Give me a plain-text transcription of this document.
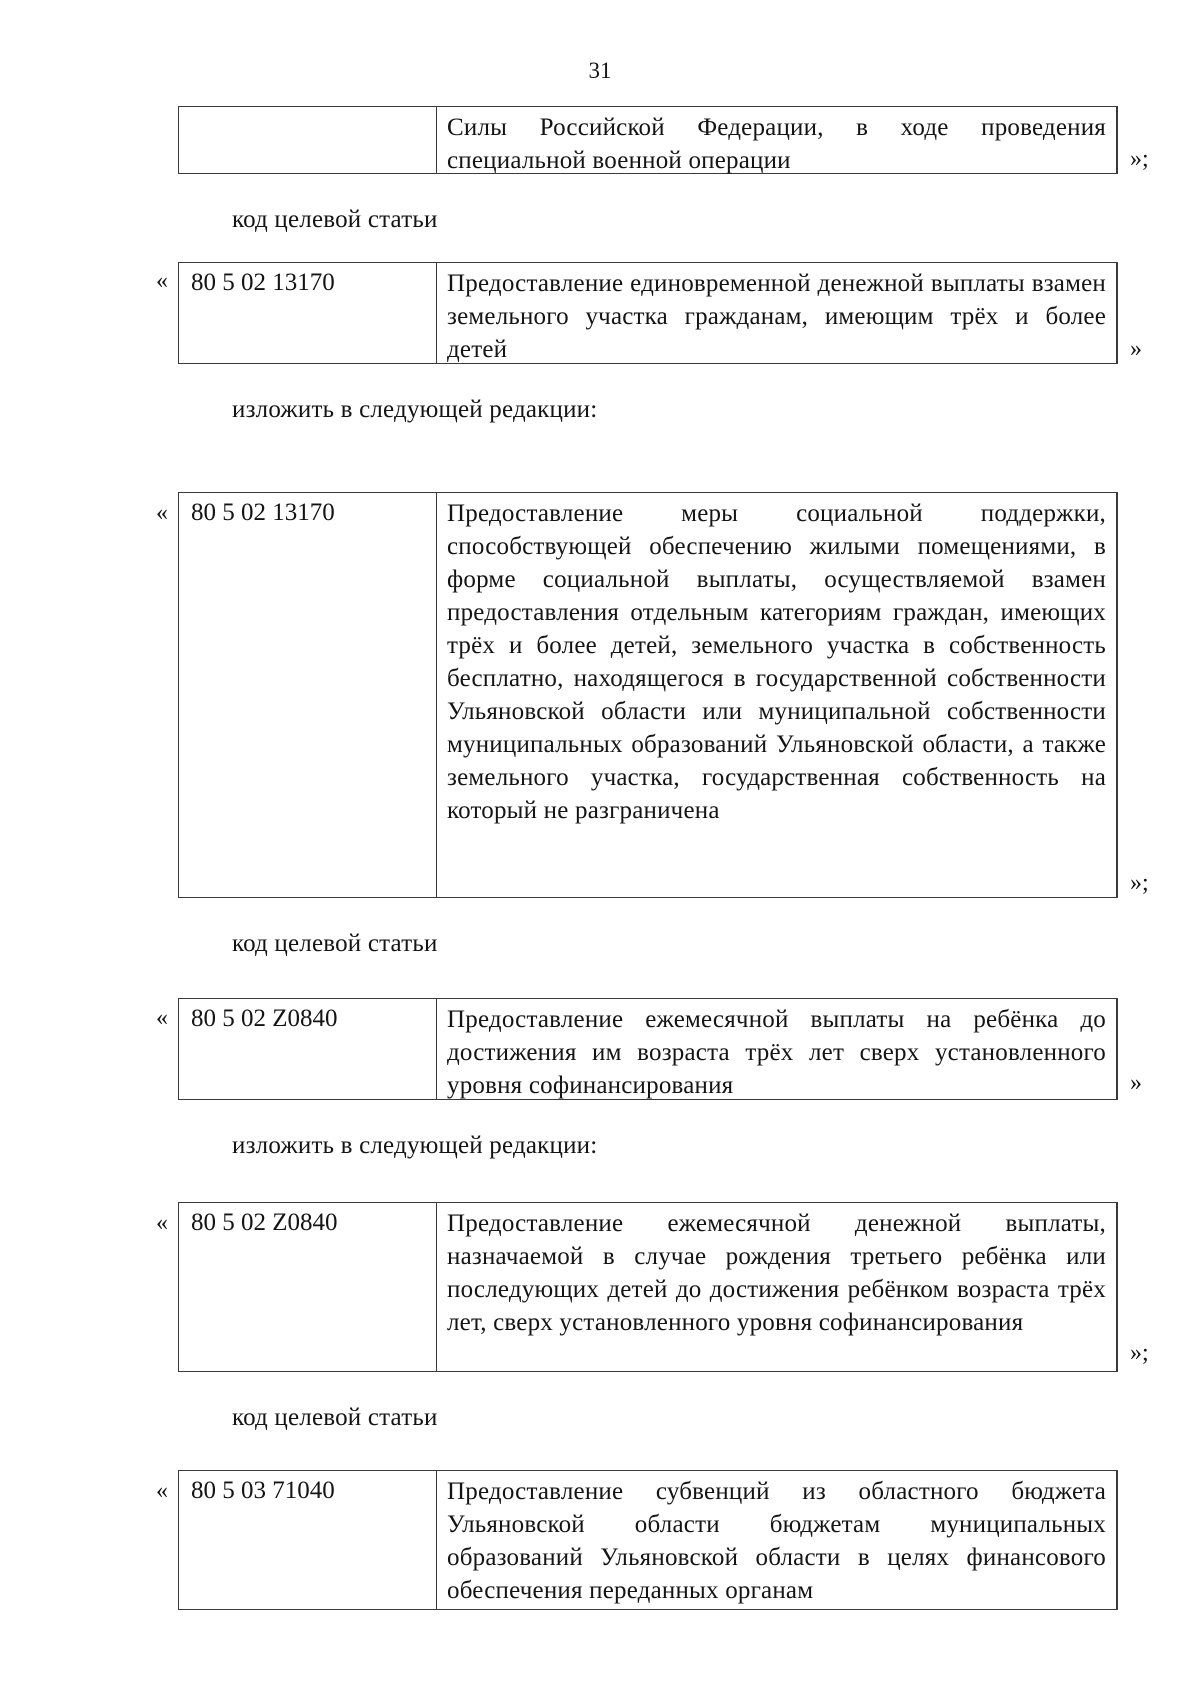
31
Силы Российской Федерации, в ходе проведения специальной военной операции	»;
код целевой статьи
« 80 5 02 13170	Предоставление единовременной денежной выплаты взамен земельного участка гражданам, имеющим трёх и более детей	»
изложить в следующей редакции:
« 80 5 02 13170	Предоставление меры социальной поддержки, способствующей обеспечению жилыми помещениями, в форме социальной выплаты, осуществляемой взамен предоставления отдельным категориям граждан, имеющих трёх и более детей, земельного участка в собственность бесплатно, находящегося в государственной собственности Ульяновской области или муниципальной собственности муниципальных образований Ульяновской области, а также земельного участка, государственная собственность на который не разграничена
»;
код целевой статьи
« 80 5 02 Z0840	Предоставление ежемесячной выплаты на ребёнка до достижения им возраста трёх лет сверх установленного уровня софинансирования	»
изложить в следующей редакции:
« 80 5 02 Z0840	Предоставление ежемесячной денежной выплаты, назначаемой в случае рождения третьего ребёнка или последующих детей до достижения ребёнком возраста трёх лет, сверх установленного уровня софинансирования
»;
код целевой статьи
« 80 5 03 71040	Предоставление субвенций из областного бюджета Ульяновской области бюджетам муниципальных образований Ульяновской области в целях финансового обеспечения переданных органам
